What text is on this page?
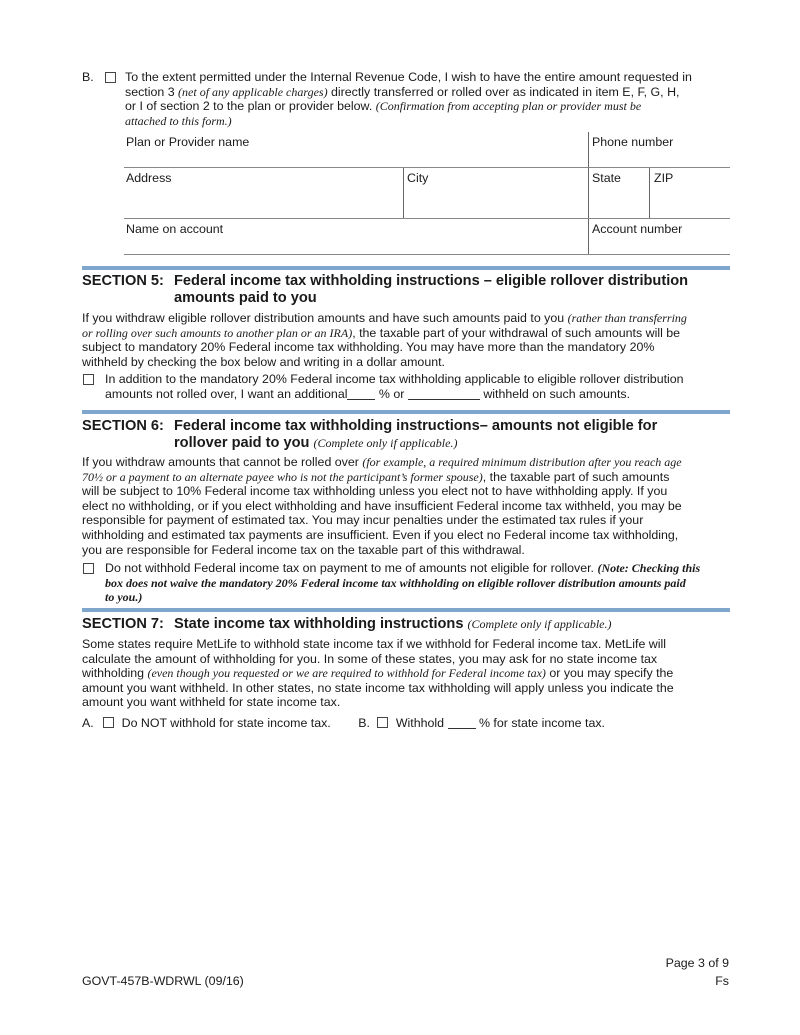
B.	To the extent permitted under the Internal Revenue Code, I wish to have the entire amount requested in
section 3 (net of any applicable charges) directly transferred or rolled over as indicated in item E, F, G, H,
or I of section 2 to the plan or provider below. (Confirmation from accepting plan or provider must be
attached to this form.)
Plan or Provider name	Phone number
Address	City	State	ZIP
Name on account	Account number
SECTION 5: Federal income tax withholding instructions – eligible rollover distribution
amounts paid to you
If you withdraw eligible rollover distribution amounts and have such amounts paid to you (rather than transferring
or rolling over such amounts to another plan or an IRA), the taxable part of your withdrawal of such amounts will be
subject to mandatory 20% Federal income tax withholding. You may have more than the mandatory 20%
withheld by checking the box below and writing in a dollar amount.
In addition to the mandatory 20% Federal income tax withholding applicable to eligible rollover distribution
amounts not rolled over, I want an additional	% or	withheld on such amounts.
SECTION 6: Federal income tax withholding instructions– amounts not eligible for
rollover paid to you (Complete only if applicable.)
If you withdraw amounts that cannot be rolled over (for example, a required minimum distribution after you reach age
70½ or a payment to an alternate payee who is not the participant’s former spouse), the taxable part of such amounts
will be subject to 10% Federal income tax withholding unless you elect not to have withholding apply. If you
elect no withholding, or if you elect withholding and have insufficient Federal income tax withheld, you may be
responsible for payment of estimated tax. You may incur penalties under the estimated tax rules if your
withholding and estimated tax payments are insufficient. Even if you elect no Federal income tax withholding,
you are responsible for Federal income tax on the taxable part of this withdrawal.
Do not withhold Federal income tax on payment to me of amounts not eligible for rollover. (Note: Checking this
box does not waive the mandatory 20% Federal income tax withholding on eligible rollover distribution amounts paid
to you.)
SECTION 7: State income tax withholding instructions (Complete only if applicable.)
Some states require MetLife to withhold state income tax if we withhold for Federal income tax. MetLife will
calculate the amount of withholding for you. In some of these states, you may ask for no state income tax
withholding (even though you requested or we are required to withhold for Federal income tax) or you may specify the
amount you want withheld. In other states, no state income tax withholding will apply unless you indicate the
amount you want withheld for state income tax.
A. Do NOT withhold for state income tax. B. Withhold	% for state income tax.
Page 3 of 9
GOVT-457B-WDRWL (09/16)	Fs
